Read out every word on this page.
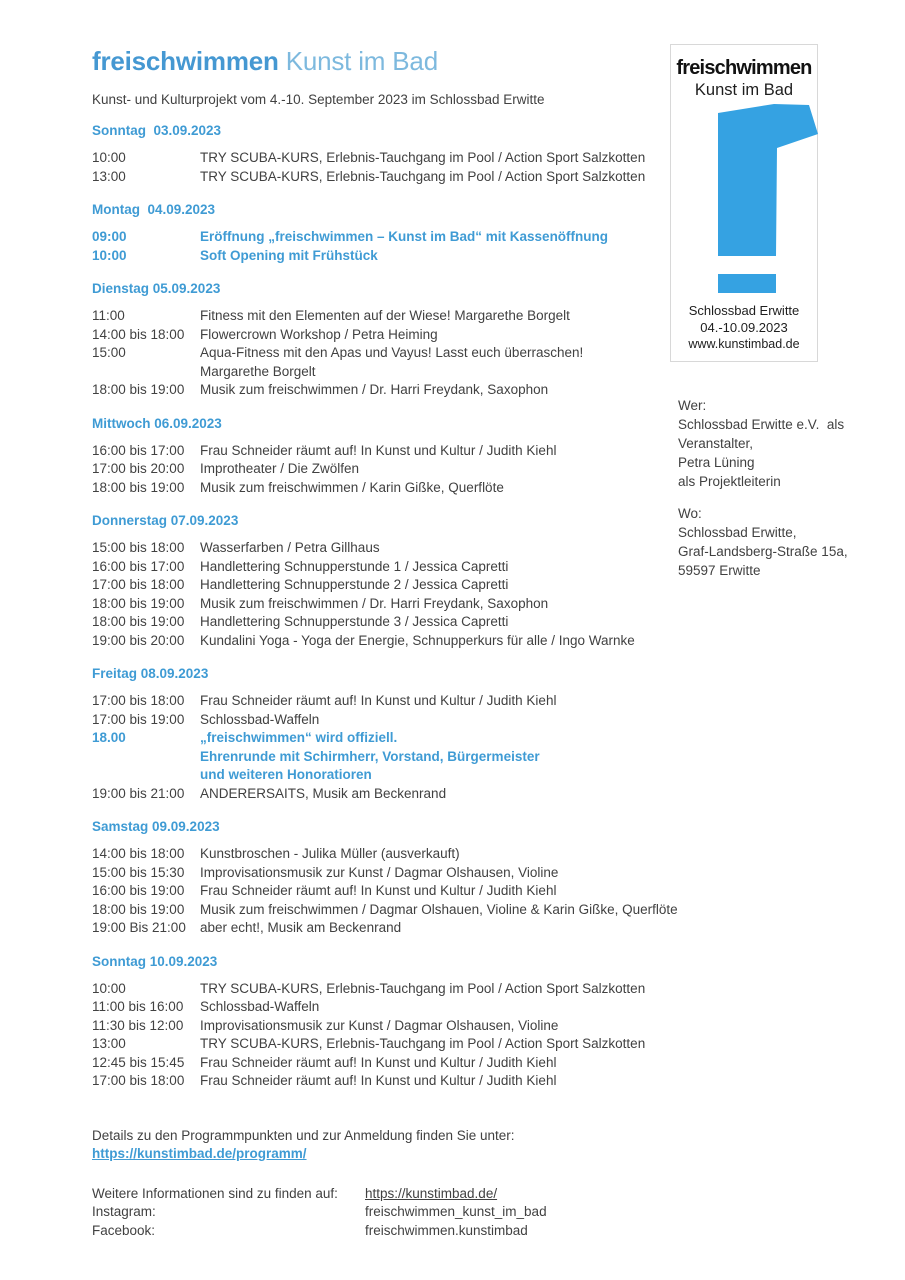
freischwimmen Kunst im Bad

Kunst- und Kulturprojekt vom 4.-10. September 2023 im Schlossbad Erwitte

Sonntag  03.09.2023
10:00	TRY SCUBA-KURS, Erlebnis-Tauchgang im Pool / Action Sport Salzkotten
13:00	TRY SCUBA-KURS, Erlebnis-Tauchgang im Pool / Action Sport Salzkotten
Montag  04.09.2023
09:00	Eröffnung „freischwimmen – Kunst im Bad“ mit Kassenöffnung
10:00	Soft Opening mit Frühstück
Dienstag 05.09.2023
11:00	Fitness mit den Elementen auf der Wiese! Margarethe Borgelt
14:00 bis 18:00	Flowercrown Workshop / Petra Heiming
15:00	Aqua-Fitness mit den Apas und Vayus! Lasst euch überraschen!
Margarethe Borgelt
18:00 bis 19:00	Musik zum freischwimmen / Dr. Harri Freydank, Saxophon
Mittwoch 06.09.2023
16:00 bis 17:00	Frau Schneider räumt auf! In Kunst und Kultur / Judith Kiehl
17:00 bis 20:00	Improtheater / Die Zwölfen
18:00 bis 19:00	Musik zum freischwimmen / Karin Gißke, Querflöte
Donnerstag 07.09.2023
15:00 bis 18:00	Wasserfarben / Petra Gillhaus
16:00 bis 17:00	Handlettering Schnupperstunde 1 / Jessica Capretti
17:00 bis 18:00	Handlettering Schnupperstunde 2 / Jessica Capretti
18:00 bis 19:00	Musik zum freischwimmen / Dr. Harri Freydank, Saxophon
18:00 bis 19:00	Handlettering Schnupperstunde 3 / Jessica Capretti
19:00 bis 20:00	Kundalini Yoga - Yoga der Energie, Schnupperkurs für alle / Ingo Warnke
Freitag 08.09.2023
17:00 bis 18:00	Frau Schneider räumt auf! In Kunst und Kultur / Judith Kiehl
17:00 bis 19:00	Schlossbad-Waffeln
18.00	„freischwimmen“ wird offiziell.
Ehrenrunde mit Schirmherr, Vorstand, Bürgermeister
und weiteren Honoratioren
19:00 bis 21:00	ANDERERSAITS, Musik am Beckenrand
Samstag 09.09.2023
14:00 bis 18:00	Kunstbroschen - Julika Müller (ausverkauft)
15:00 bis 15:30	Improvisationsmusik zur Kunst / Dagmar Olshausen, Violine
16:00 bis 19:00	Frau Schneider räumt auf! In Kunst und Kultur / Judith Kiehl
18:00 bis 19:00	Musik zum freischwimmen / Dagmar Olshauen, Violine & Karin Gißke, Querflöte
19:00 Bis 21:00	aber echt!, Musik am Beckenrand
Sonntag 10.09.2023
10:00	TRY SCUBA-KURS, Erlebnis-Tauchgang im Pool / Action Sport Salzkotten
11:00 bis 16:00	Schlossbad-Waffeln
11:30 bis 12:00	Improvisationsmusik zur Kunst / Dagmar Olshausen, Violine
13:00	TRY SCUBA-KURS, Erlebnis-Tauchgang im Pool / Action Sport Salzkotten
12:45 bis 15:45	Frau Schneider räumt auf! In Kunst und Kultur / Judith Kiehl
17:00 bis 18:00	Frau Schneider räumt auf! In Kunst und Kultur / Judith Kiehl

Details zu den Programmpunkten und zur Anmeldung finden Sie unter: https://kunstimbad.de/programm/

Weitere Informationen sind zu finden auf:	https://kunstimbad.de/
Instagram:	freischwimmen_kunst_im_bad
Facebook:	freischwimmen.kunstimbad
freischwimmen
Kunst im Bad
Schlossbad Erwitte
04.-10.09.2023
www.kunstimbad.de
Wer:
Schlossbad Erwitte e.V.  als
Veranstalter,
Petra Lüning
als Projektleiterin
Wo:
Schlossbad Erwitte,
Graf-Landsberg-Straße 15a,
59597 Erwitte
